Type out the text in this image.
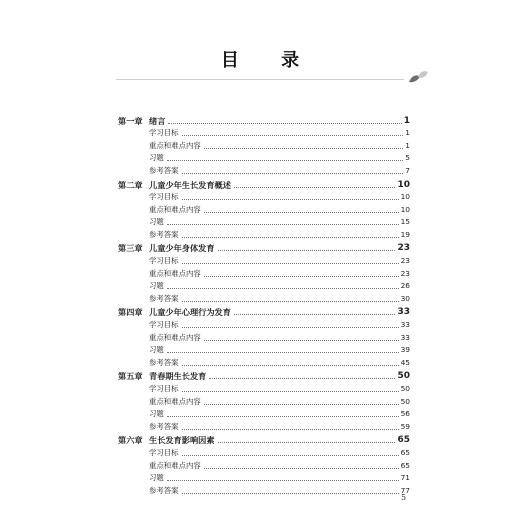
目 录
第一章 绪言	1
学习目标	1
重点和难点内容	1
习题	5
参考答案	7
第二章 儿童少年生长发育概述	10
学习目标	10
重点和难点内容	10
习题	15
参考答案	19
第三章 儿童少年身体发育	23
学习目标	23
重点和难点内容	23
习题	26
参考答案	30
第四章 儿童少年心理行为发育	33
学习目标	33
重点和难点内容	33
习题	39
参考答案	45
第五章 青春期生长发育	50
学习目标	50
重点和难点内容	50
习题	56
参考答案	59
第六章 生长发育影响因素	65
学习目标	65
重点和难点内容	65
习题	71
参考答案	77
5
